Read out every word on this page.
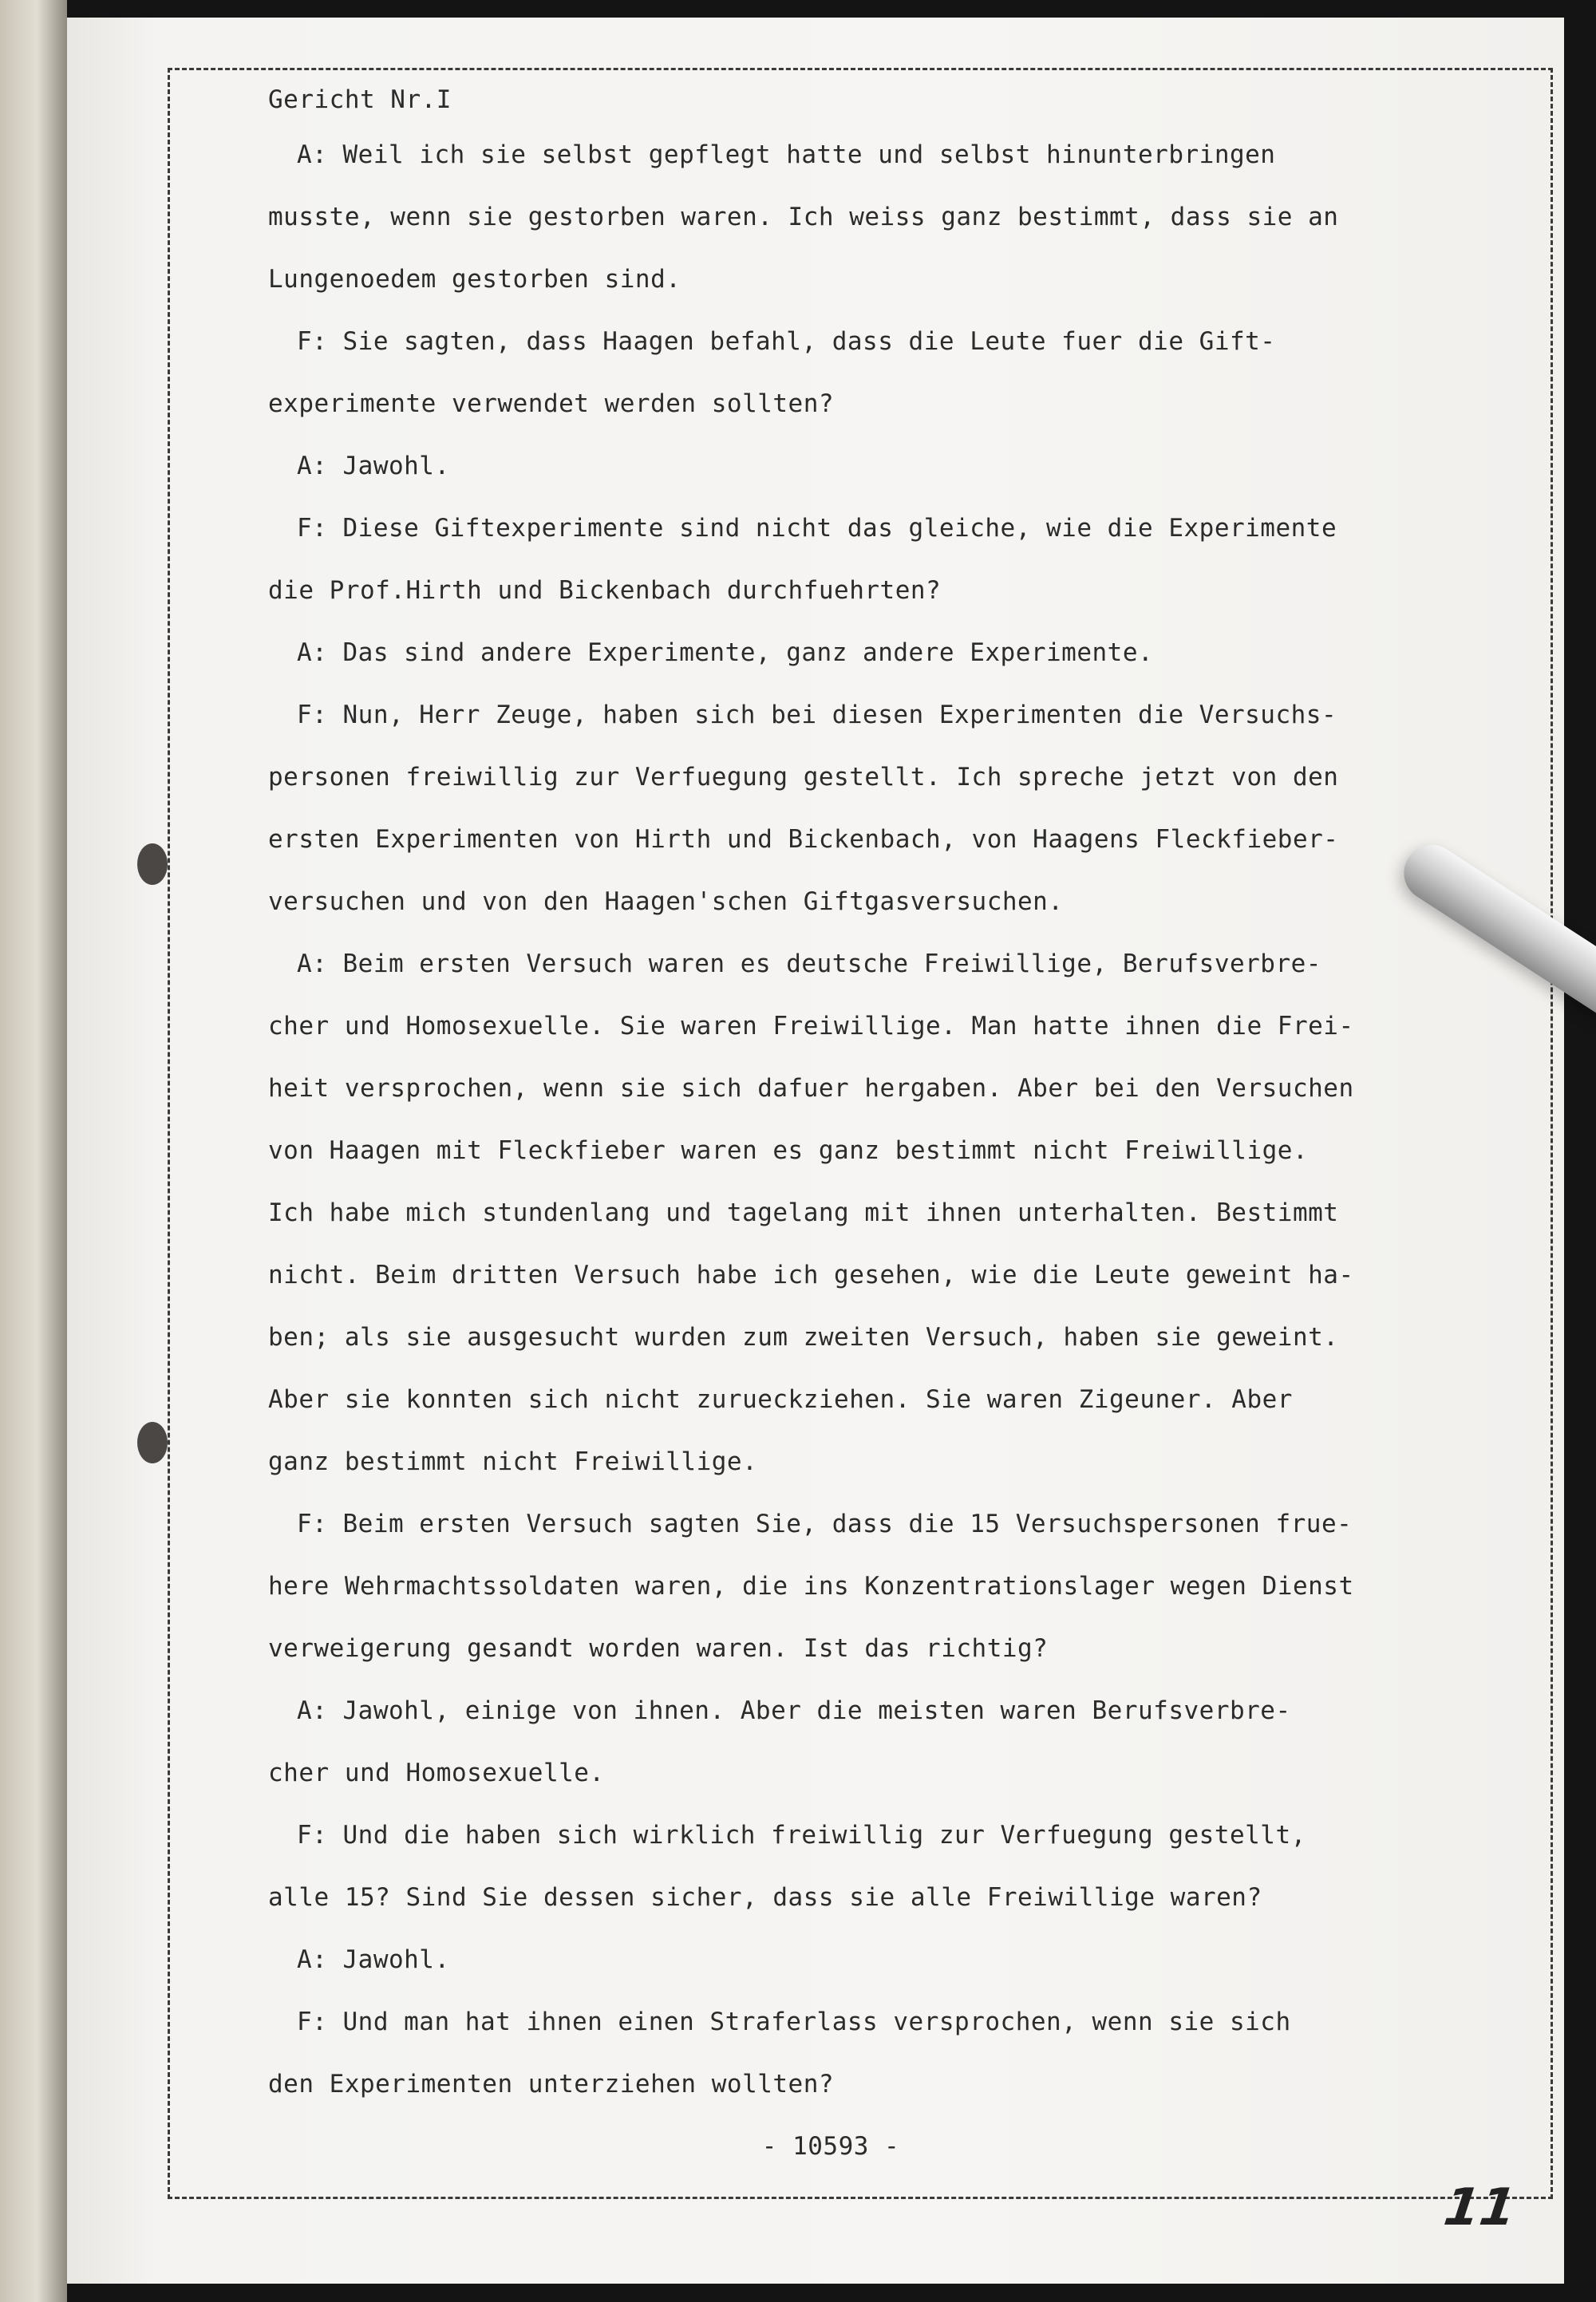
Gericht Nr.I
A: Weil ich sie selbst gepflegt hatte und selbst hinunterbringen
musste, wenn sie gestorben waren. Ich weiss ganz bestimmt, dass sie an
Lungenoedem gestorben sind.
F: Sie sagten, dass Haagen befahl, dass die Leute fuer die Gift-
experimente verwendet werden sollten?
A: Jawohl.
F: Diese Giftexperimente sind nicht das gleiche, wie die Experimente
die Prof.Hirth und Bickenbach durchfuehrten?
A: Das sind andere Experimente, ganz andere Experimente.
F: Nun, Herr Zeuge, haben sich bei diesen Experimenten die Versuchs-
personen freiwillig zur Verfuegung gestellt. Ich spreche jetzt von den
ersten Experimenten von Hirth und Bickenbach, von Haagens Fleckfieber-
versuchen und von den Haagen'schen Giftgasversuchen.
A: Beim ersten Versuch waren es deutsche Freiwillige, Berufsverbre-
cher und Homosexuelle. Sie waren Freiwillige. Man hatte ihnen die Frei-
heit versprochen, wenn sie sich dafuer hergaben. Aber bei den Versuchen
von Haagen mit Fleckfieber waren es ganz bestimmt nicht Freiwillige.
Ich habe mich stundenlang und tagelang mit ihnen unterhalten. Bestimmt
nicht. Beim dritten Versuch habe ich gesehen, wie die Leute geweint ha-
ben; als sie ausgesucht wurden zum zweiten Versuch, haben sie geweint.
Aber sie konnten sich nicht zurueckziehen. Sie waren Zigeuner. Aber
ganz bestimmt nicht Freiwillige.
F: Beim ersten Versuch sagten Sie, dass die 15 Versuchspersonen frue-
here Wehrmachtssoldaten waren, die ins Konzentrationslager wegen Dienst
verweigerung gesandt worden waren. Ist das richtig?
A: Jawohl, einige von ihnen. Aber die meisten waren Berufsverbre-
cher und Homosexuelle.
F: Und die haben sich wirklich freiwillig zur Verfuegung gestellt,
alle 15? Sind Sie dessen sicher, dass sie alle Freiwillige waren?
A: Jawohl.
F: Und man hat ihnen einen Straferlass versprochen, wenn sie sich
den Experimenten unterziehen wollten?
- 10593 -
11
